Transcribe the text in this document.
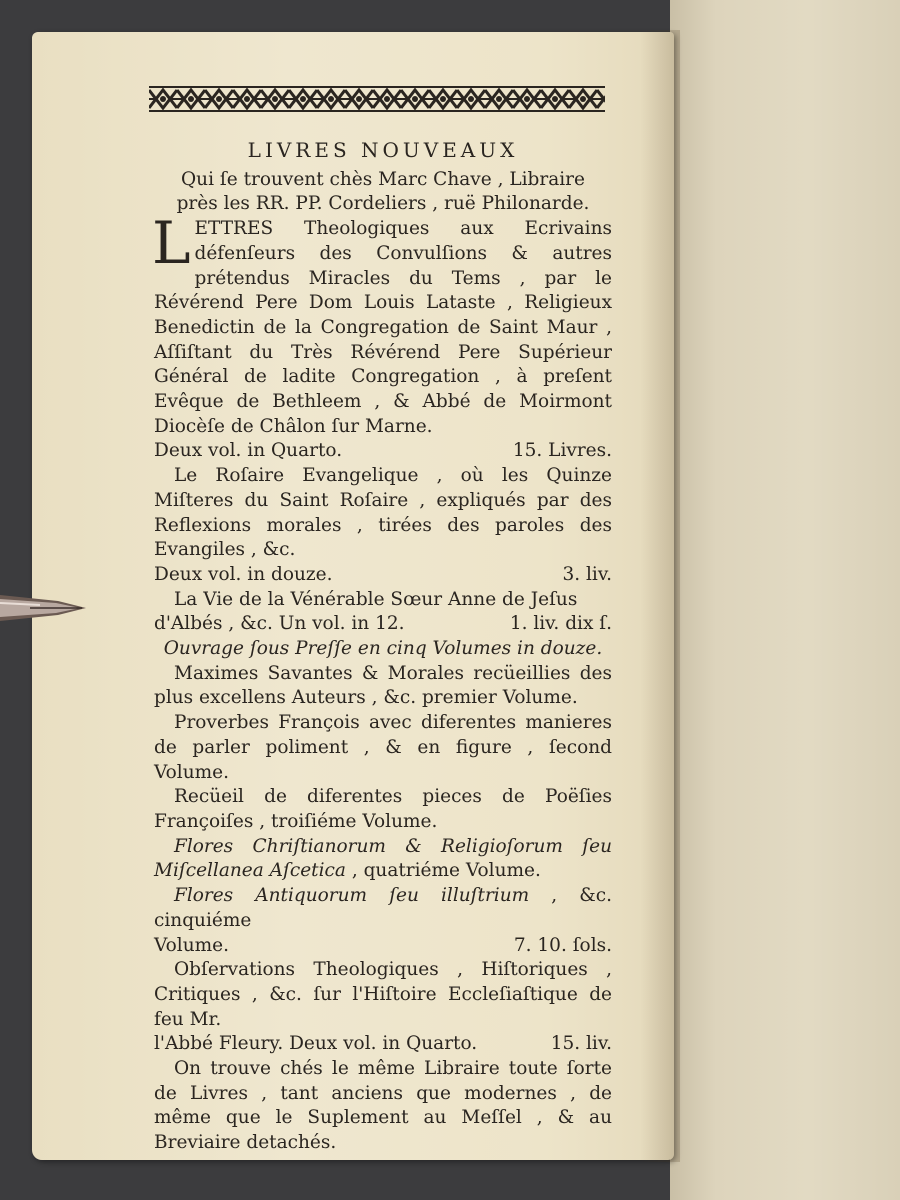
LIVRES NOUVEAUX
Qui ſe trouvent chès Marc Chave , Libraire
près les RR. PP. Cordeliers , ruë Philonarde.
LETTRES Theologiques aux Ecrivains défenſeurs des Convulſions & autres prétendus Miracles du Tems , par le Révérend Pere Dom Louis Lataste , Religieux Benedictin de la Congregation de Saint Maur , Aſſiſtant du Très Révérend Pere Supérieur Général de ladite Congregation , à preſent Evêque de Bethleem , & Abbé de Moirmont Diocèſe de Châlon ſur Marne.
Deux vol. in Quarto.	15. Livres.
Le Roſaire Evangelique , où les Quinze Miſteres du Saint Roſaire , expliqués par des Reflexions morales , tirées des paroles des Evangiles , &c.
Deux vol. in douze.	3. liv.
La Vie de la Vénérable Sœur Anne de Jeſus
d'Albés , &c. Un vol. in 12.	1. liv. dix ſ.
Ouvrage ſous Preſſe en cinq Volumes in douze.
Maximes Savantes & Morales recüeillies des plus excellens Auteurs , &c. premier Volume.
Proverbes François avec diferentes manieres de parler poliment , & en figure , ſecond Volume.
Recüeil de diferentes pieces de Poëſies Françoiſes , troiſiéme Volume.
Flores Chriſtianorum & Religioſorum ſeu Miſcellanea Aſcetica , quatriéme Volume.
Flores Antiquorum ſeu illuſtrium , &c. cinquiéme
Volume.	7. 10. ſols.
Obſervations Theologiques , Hiſtoriques , Critiques , &c. ſur l'Hiſtoire Eccleſiaſtique de feu Mr.
l'Abbé Fleury. Deux vol. in Quarto.	15. liv.
On trouve chés le même Libraire toute ſorte de Livres , tant anciens que modernes , de même que le Suplement au Meſſel , & au Breviaire detachés.
